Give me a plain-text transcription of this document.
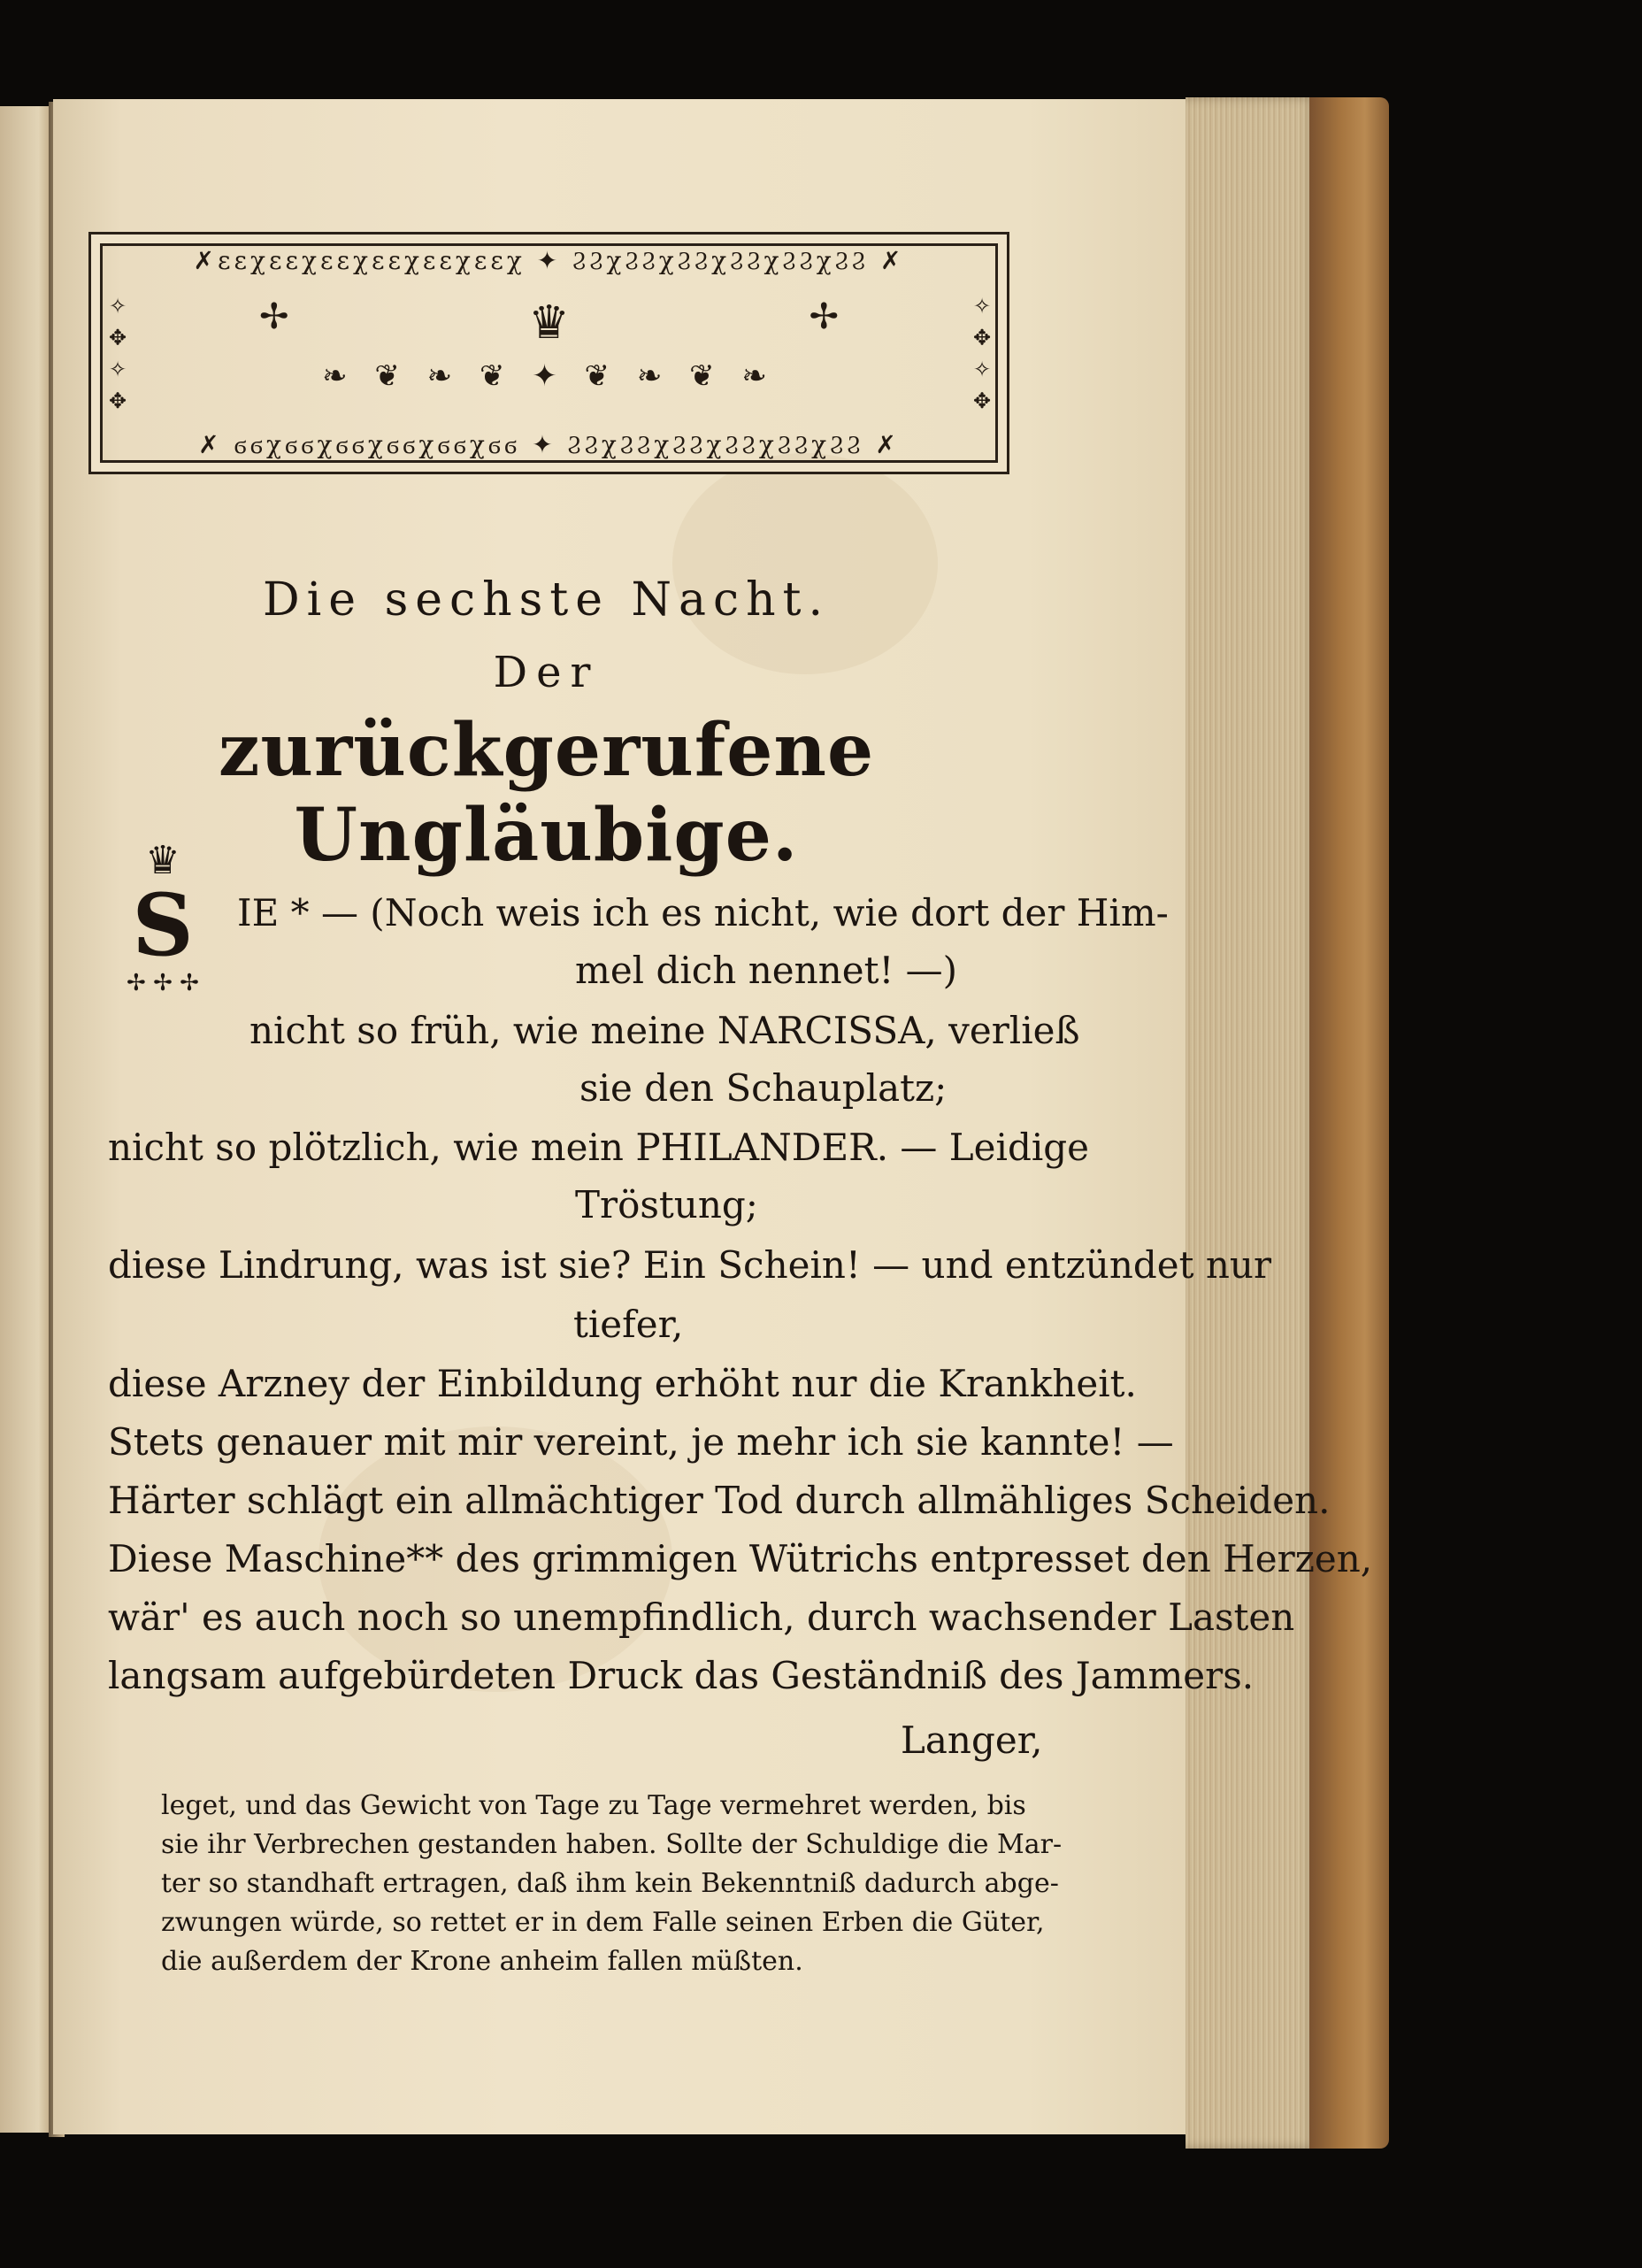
✗ɛɛχɛɛχɛɛχɛɛχɛɛχɛɛχ ✦ ϨϨχϨϨχϨϨχϨϨχϨϨχϨϨ ✗
✧ ✥ ✧ ✥	✧ ✥ ✧ ✥
✢	♛	✢
❧ ❦ ❧ ❦ ✦ ❦ ❧ ❦ ❧
✗ ϭϭχϭϭχϭϭχϭϭχϭϭχϭϭ ✦ ϨϨχϨϨχϨϨχϨϨχϨϨχϨϨ ✗
Die sechste Nacht.
Der
zurückgerufene Ungläubige.
♛
S
✢ ✢ ✢
IE * — (Noch weis ich es nicht, wie dort der Him-
mel dich nennet! —)
nicht so früh, wie meine NARCISSA, verließ
sie den Schauplatz;
nicht so plötzlich, wie mein PHILANDER. — Leidige
Tröstung;
diese Lindrung, was ist sie? Ein Schein! — und entzündet nur
tiefer,
diese Arzney der Einbildung erhöht nur die Krankheit.
Stets genauer mit mir vereint, je mehr ich sie kannte! —
Härter schlägt ein allmächtiger Tod durch allmähliges Scheiden.
Diese Maschine** des grimmigen Wütrichs entpresset den Herzen,
wär' es auch noch so unempfindlich, durch wachsender Lasten
langsam aufgebürdeten Druck das Geständniß des Jammers.
Langer,
leget, und das Gewicht von Tage zu Tage vermehret werden, bis
sie ihr Verbrechen gestanden haben. Sollte der Schuldige die Mar-
ter so standhaft ertragen, daß ihm kein Bekenntniß dadurch abge-
zwungen würde, so rettet er in dem Falle seinen Erben die Güter,
die außerdem der Krone anheim fallen müßten.
